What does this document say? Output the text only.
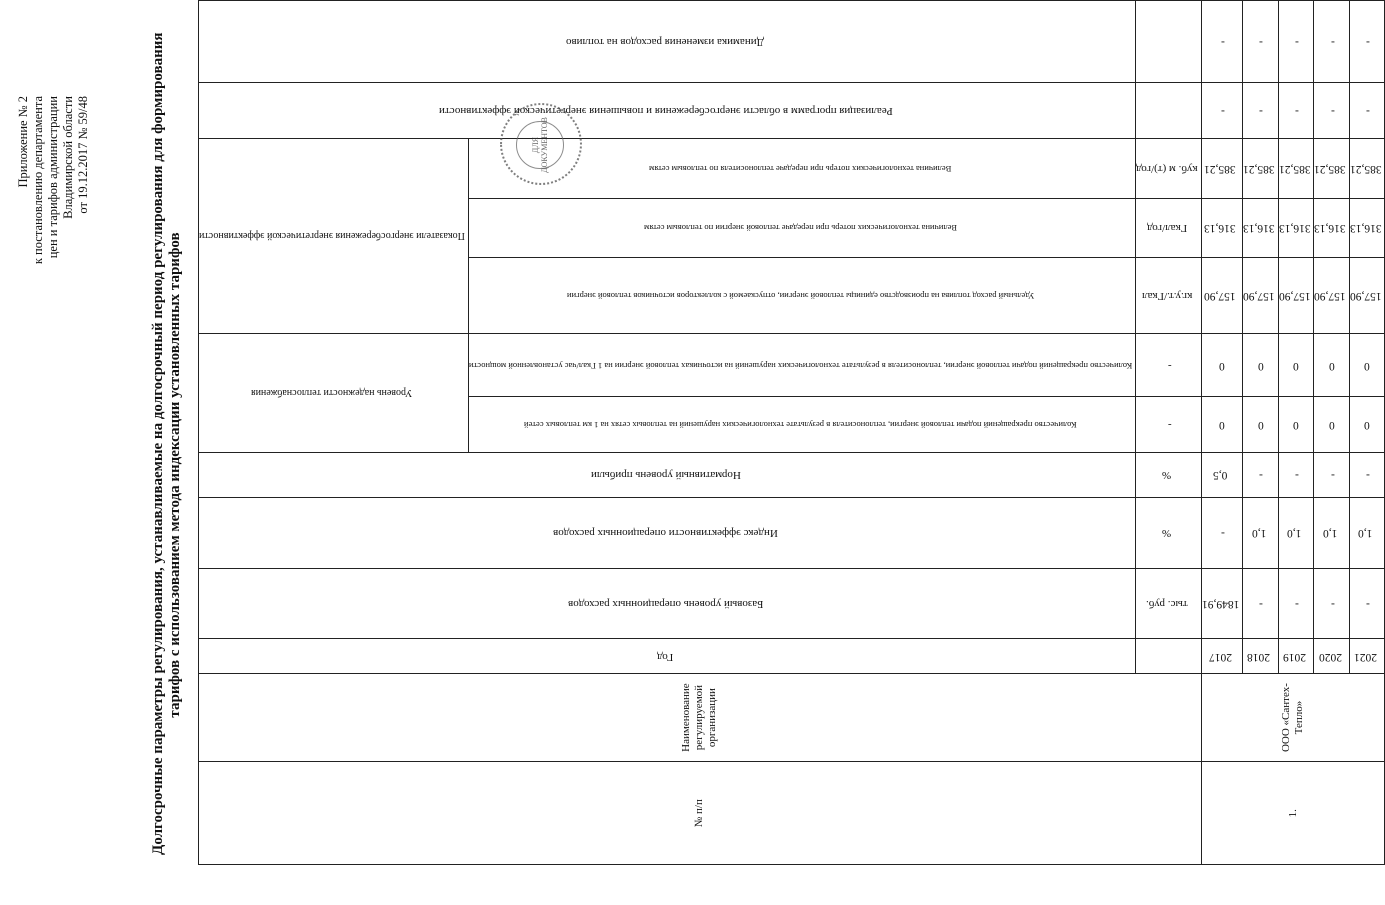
Приложение № 2 к постановлению департамента цен и тарифов администрации Владимирской области от 19.12.2017 № 59/48	Долгосрочные параметры регулирования, устанавливаемые на долгосрочный период регулирования для формирования тарифов с использованием метода индексации установленных тарифов
№ п/п	Наименование регулируемой организации	Год	Базовый уровень операционных расходов	Индекс эффективности операционных расходов	Нормативный уровень прибыли	Уровень надежности теплоснабжения		Показатели энергосбережения энергетической эффективности			Реализация программ в области энергосбережения и повышения энергетической эффективности	Динамика изменения расходов на топливо
						Количество прекращений подачи тепловой энергии, теплоносителя в результате технологических нарушений на тепловых сетях на 1 км тепловых сетей	Количество прекращений подачи тепловой энергии, теплоносителя в результате технологических нарушений на источниках тепловой энергии на 1 Гкал/час установленной мощности	Удельный расход топлива на производство единицы тепловой энергии, отпускаемой с коллекторов источников тепловой энергии	Величина технологических потерь при передаче тепловой энергии по тепловым сетям	Величина технологических потерь при передаче теплоносителя по тепловым сетям		
			тыс. руб.	%	%	-	-	кг.у.т./Гкал	Гкал/год	куб. м (т)/год		
1.	ООО «Сантех-Тепло»	2017	1849,91	-	0,5	0	0	157,90	316,13	385,21	-	-
		2018	-	1,0	-	0	0	157,90	316,13	385,21	-	-
		2019	-	1,0	-	0	0	157,90	316,13	385,21	-	-
		2020	-	1,0	-	0	0	157,90	316,13	385,21	-	-
		2021	-	1,0	-	0	0	157,90	316,13	385,21	-	-
ДЛЯ ДОКУМЕНТОВ
